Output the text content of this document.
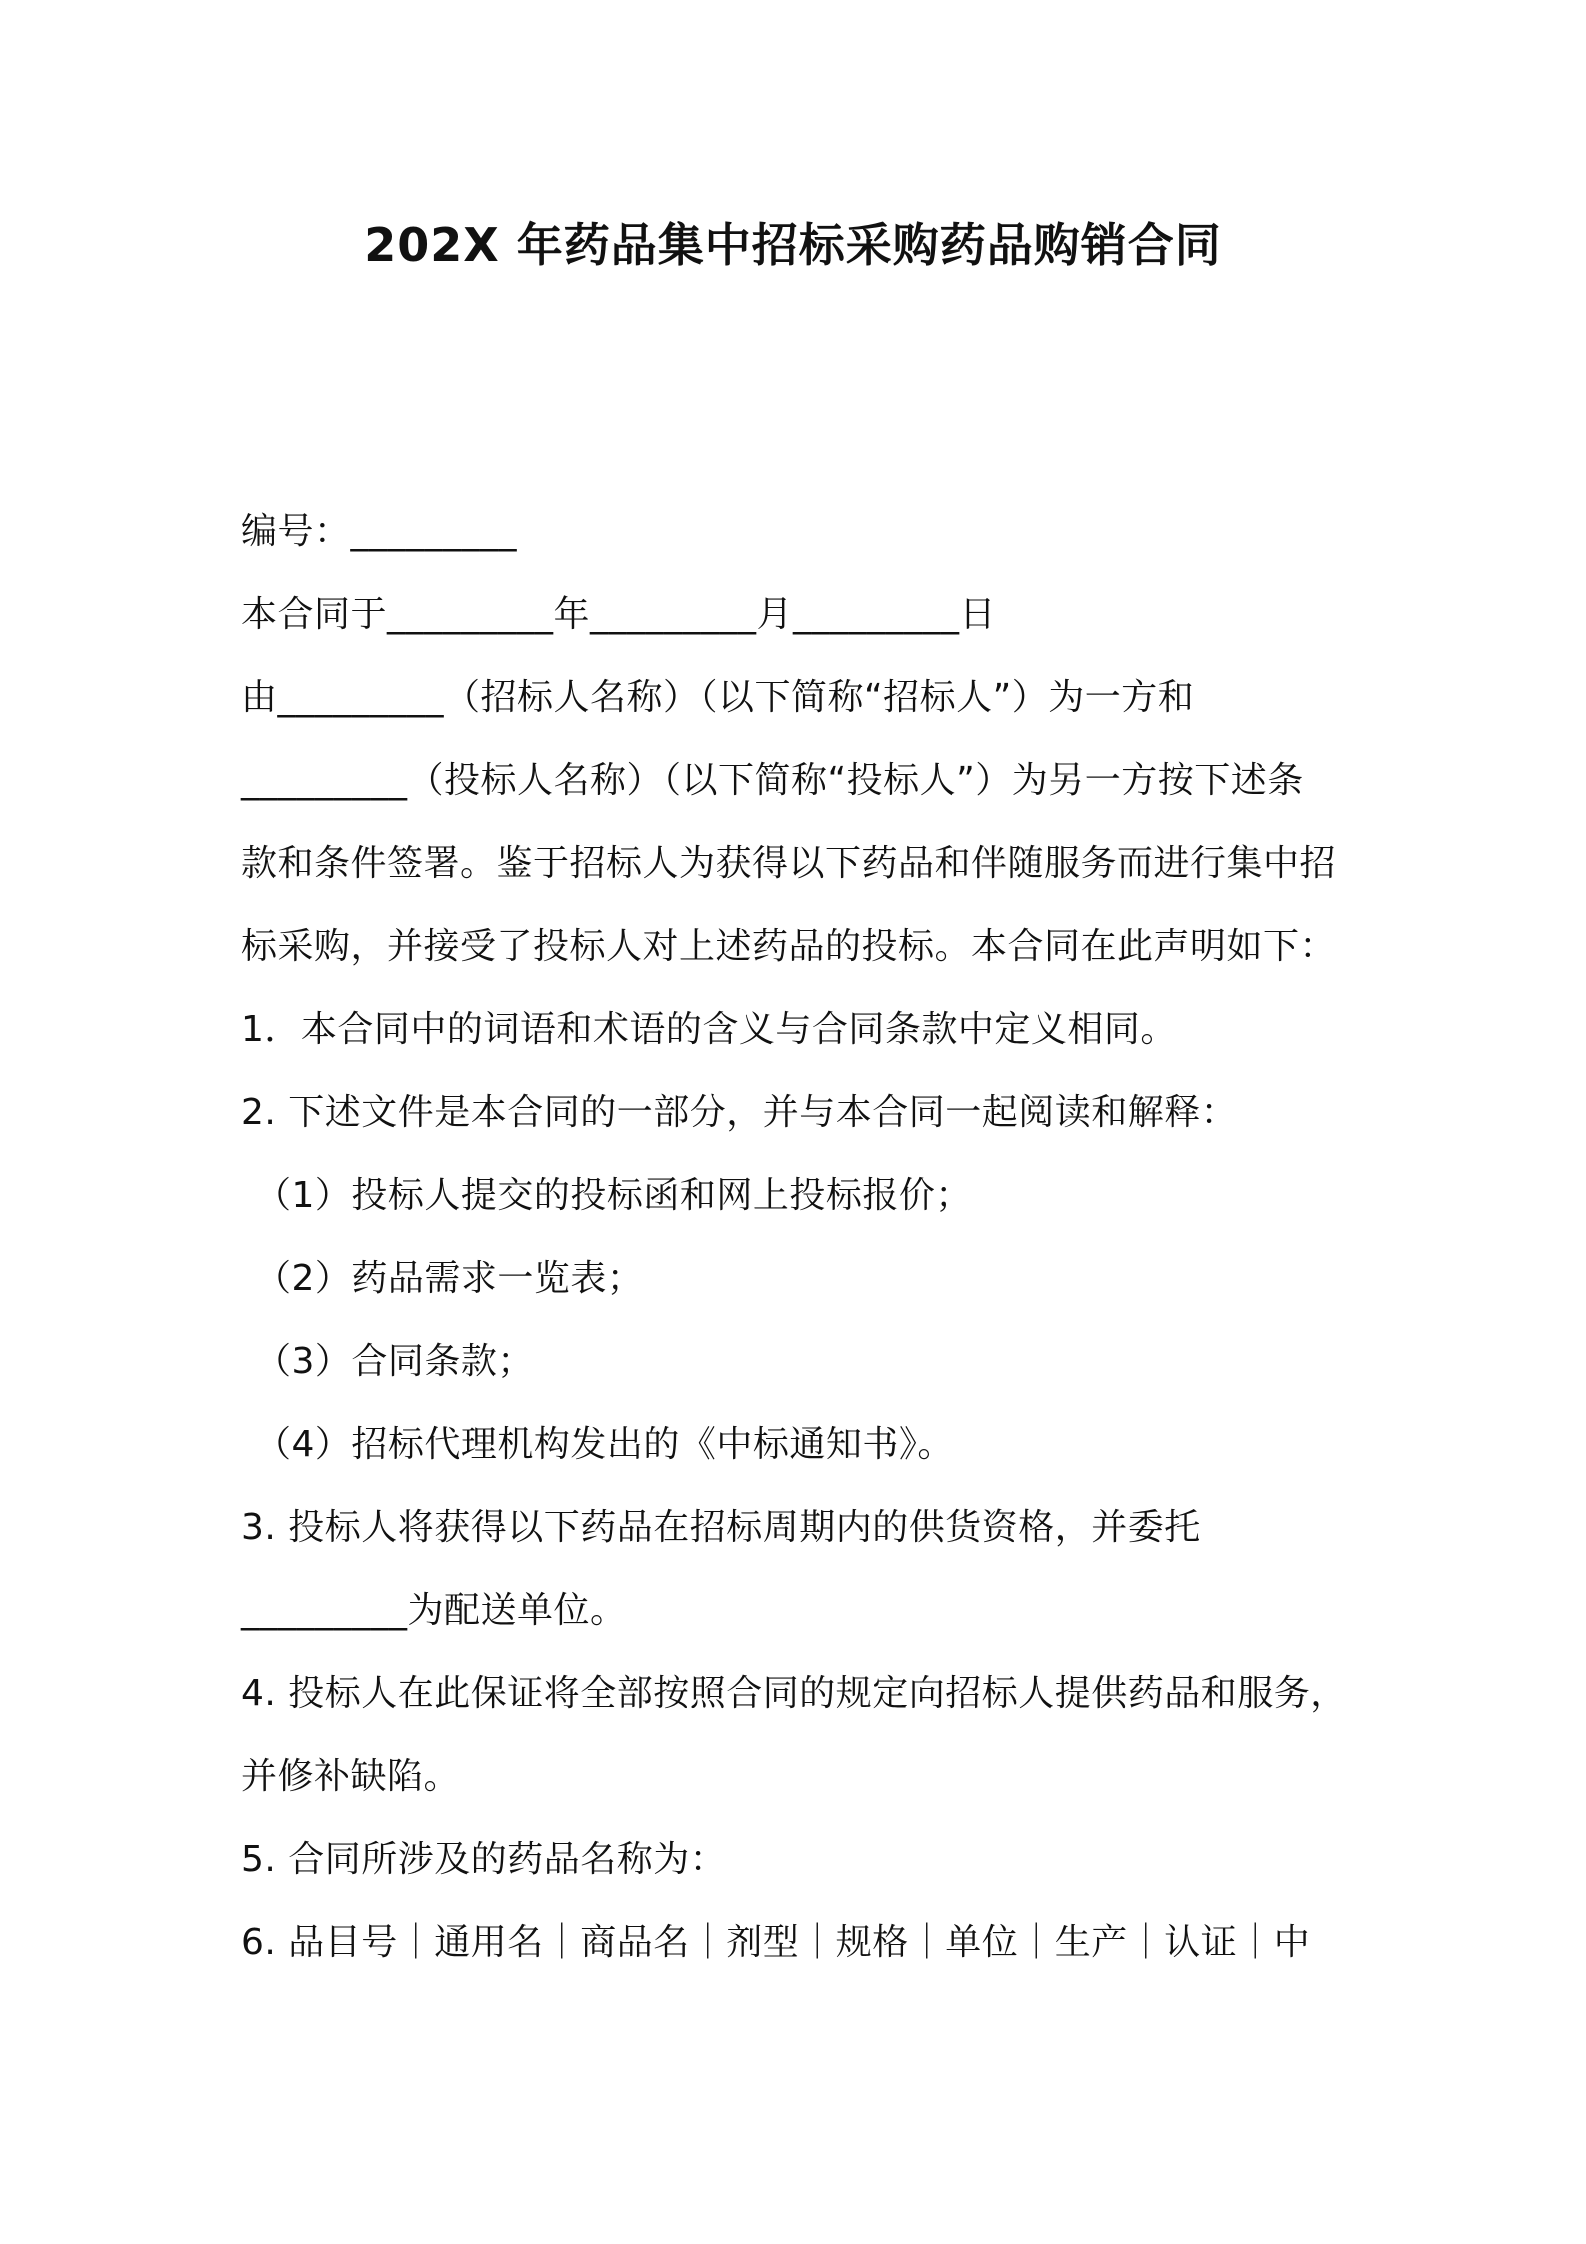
202X 年药品集中招标采购药品购销合同
编号：_________
本合同于_________年_________月_________日
由_________（招标人名称）（以下简称“招标人”）为一方和
_________（投标人名称）（以下简称“投标人”）为另一方按下述条
款和条件签署。鉴于招标人为获得以下药品和伴随服务而进行集中招
标采购，并接受了投标人对上述药品的投标。本合同在此声明如下：
1．本合同中的词语和术语的含义与合同条款中定义相同。
2. 下述文件是本合同的一部分，并与本合同一起阅读和解释：
（1）投标人提交的投标函和网上投标报价；
（2）药品需求一览表；
（3）合同条款；
（4）招标代理机构发出的《中标通知书》。
3. 投标人将获得以下药品在招标周期内的供货资格，并委托
_________为配送单位。
4. 投标人在此保证将全部按照合同的规定向招标人提供药品和服务，
并修补缺陷。
5. 合同所涉及的药品名称为：
6. 品目号｜通用名｜商品名｜剂型｜规格｜单位｜生产｜认证｜中
